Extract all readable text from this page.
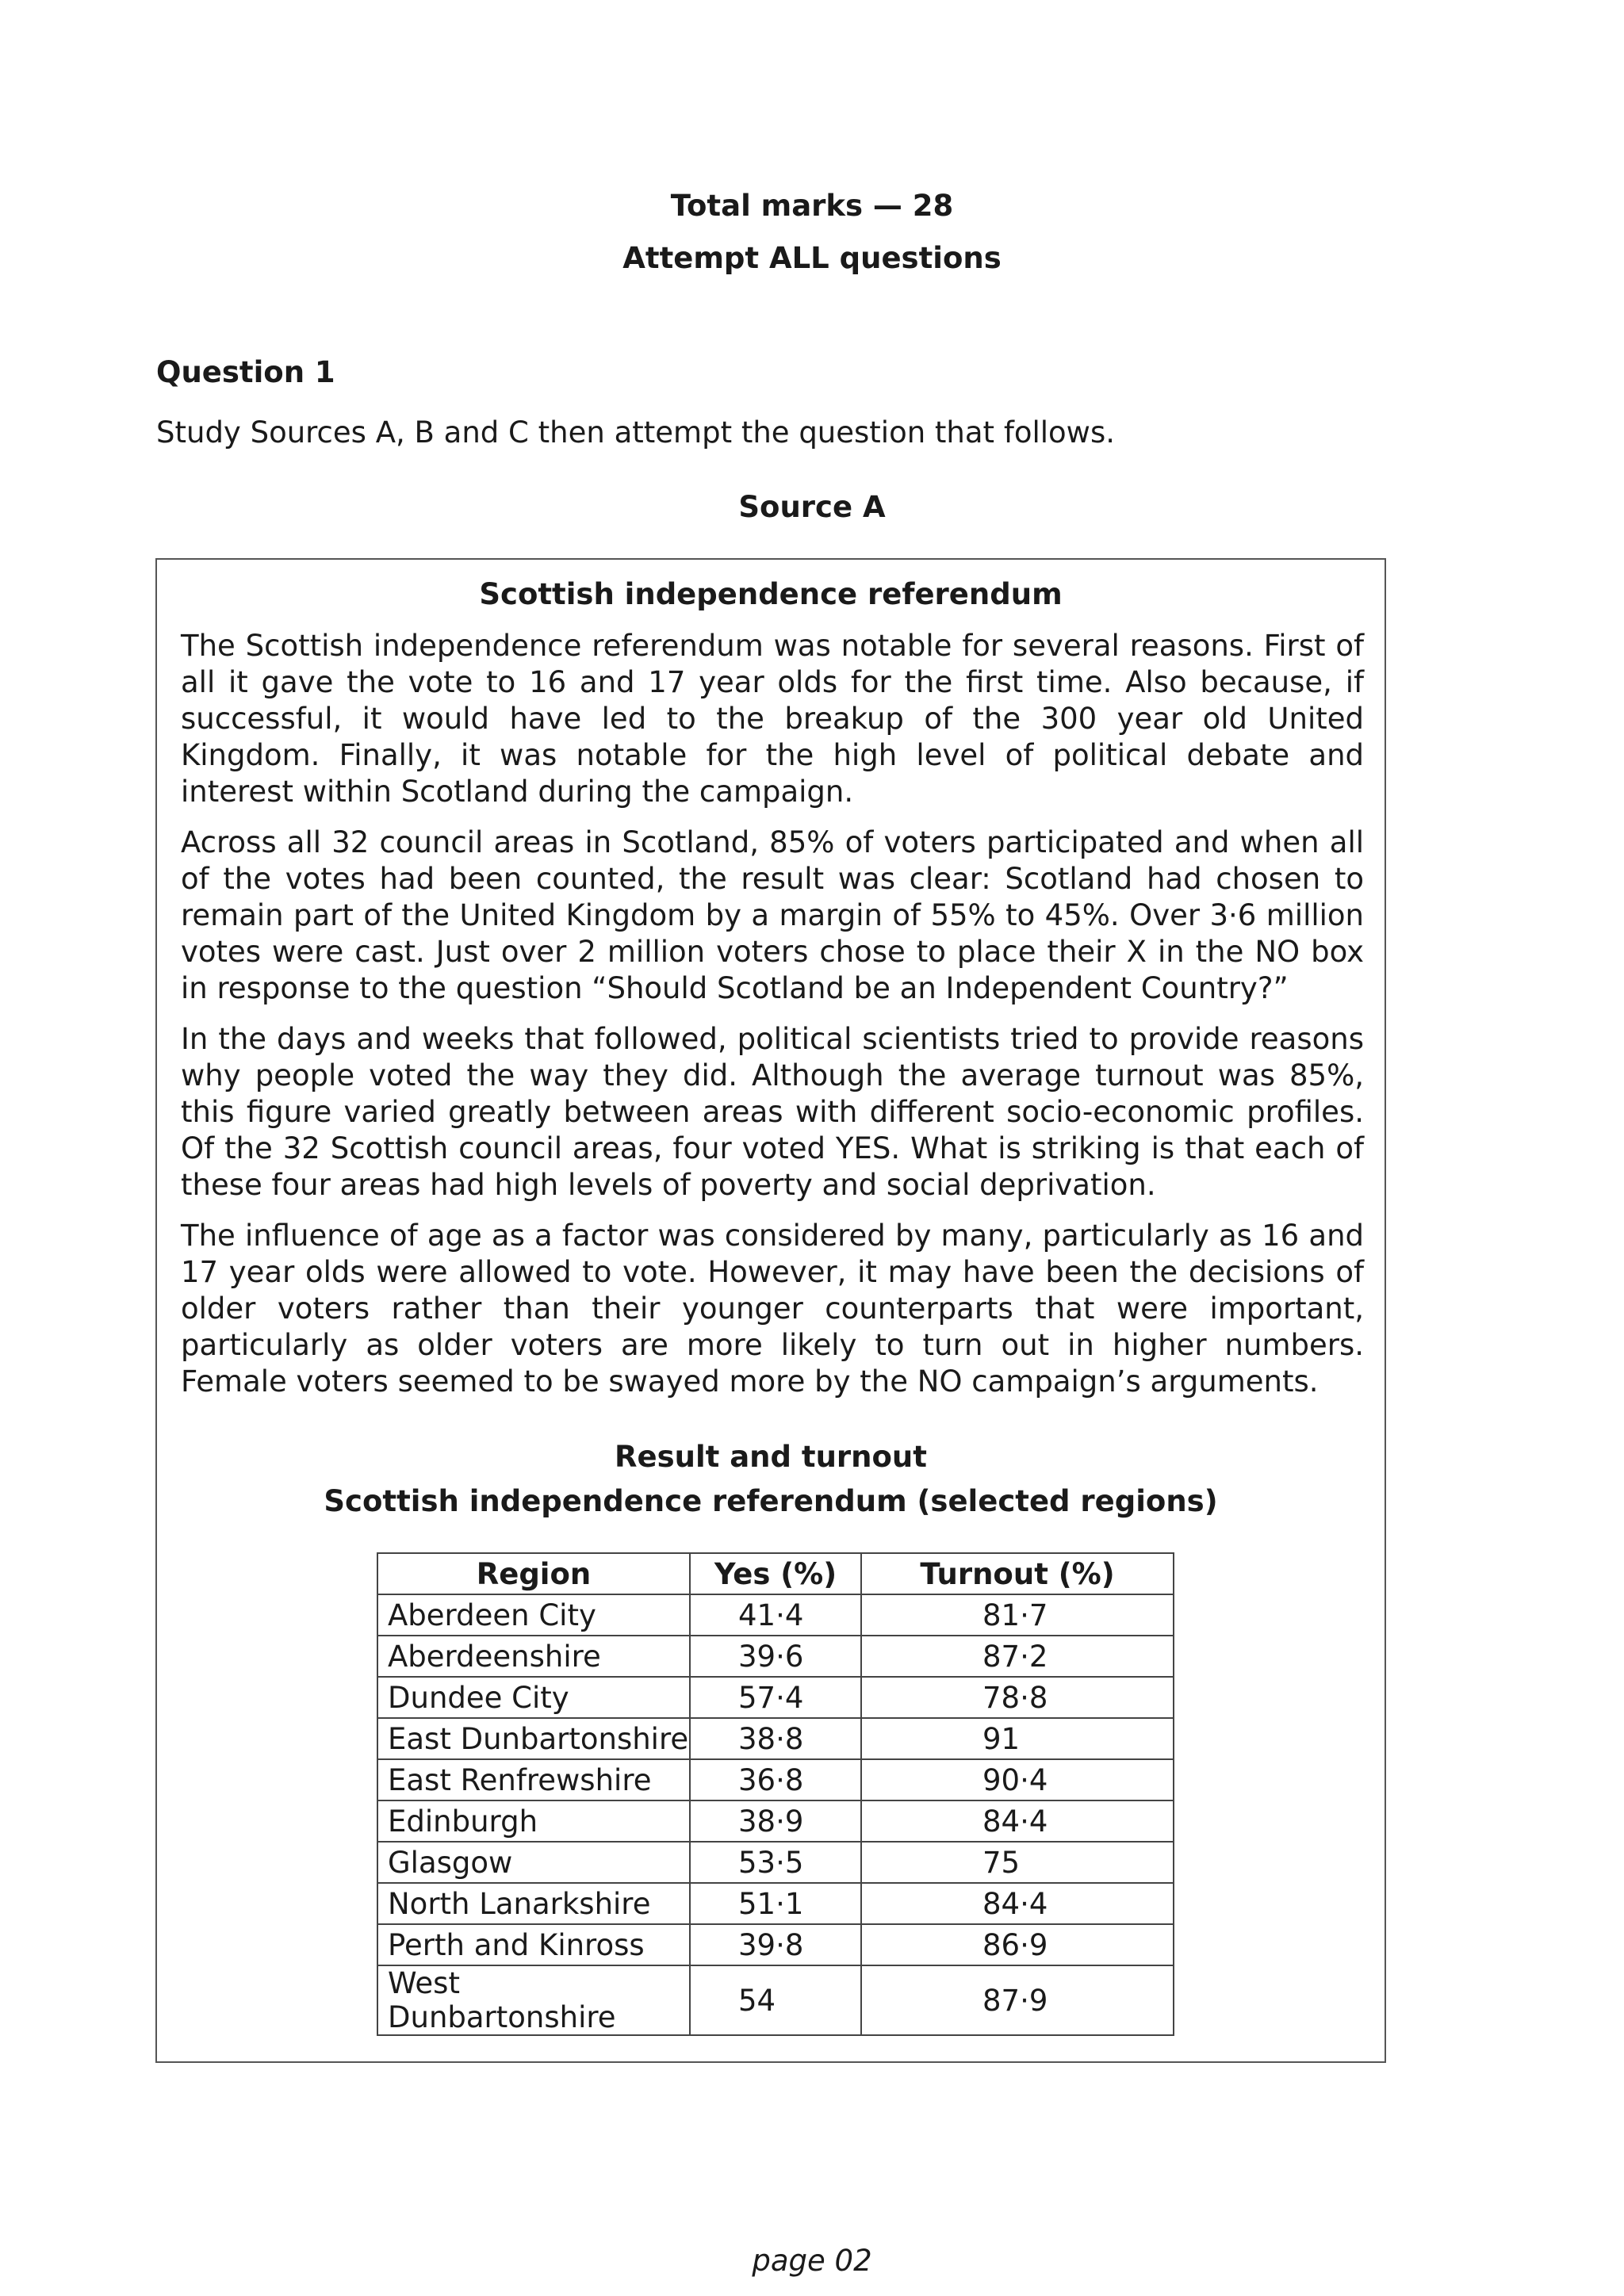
Total marks — 28
Attempt ALL questions
Question 1
Study Sources A, B and C then attempt the question that follows.
Source A
Scottish independence referendum

The Scottish independence referendum was notable for several reasons. First of all it gave the vote to 16 and 17 year olds for the first time. Also because, if successful, it would have led to the breakup of the 300 year old United Kingdom. Finally, it was notable for the high level of political debate and interest within Scotland during the campaign.

Across all 32 council areas in Scotland, 85% of voters participated and when all of the votes had been counted, the result was clear: Scotland had chosen to remain part of the United Kingdom by a margin of 55% to 45%. Over 3·6 million votes were cast. Just over 2 million voters chose to place their X in the NO box in response to the question “Should Scotland be an Independent Country?”

In the days and weeks that followed, political scientists tried to provide reasons why people voted the way they did. Although the average turnout was 85%, this figure varied greatly between areas with different socio-economic profiles. Of the 32 Scottish council areas, four voted YES. What is striking is that each of these four areas had high levels of poverty and social deprivation.

The influence of age as a factor was considered by many, particularly as 16 and 17 year olds were allowed to vote. However, it may have been the decisions of older voters rather than their younger counterparts that were important, particularly as older voters are more likely to turn out in higher numbers. Female voters seemed to be swayed more by the NO campaign’s arguments.

Result and turnout
Scottish independence referendum (selected regions)
Region	Yes (%)	Turnout (%)
Aberdeen City	41·4	81·7
Aberdeenshire	39·6	87·2
Dundee City	57·4	78·8
East Dunbartonshire	38·8	91
East Renfrewshire	36·8	90·4
Edinburgh	38·9	84·4
Glasgow	53·5	75
North Lanarkshire	51·1	84·4
Perth and Kinross	39·8	86·9
West Dunbartonshire	54	87·9
page 02
